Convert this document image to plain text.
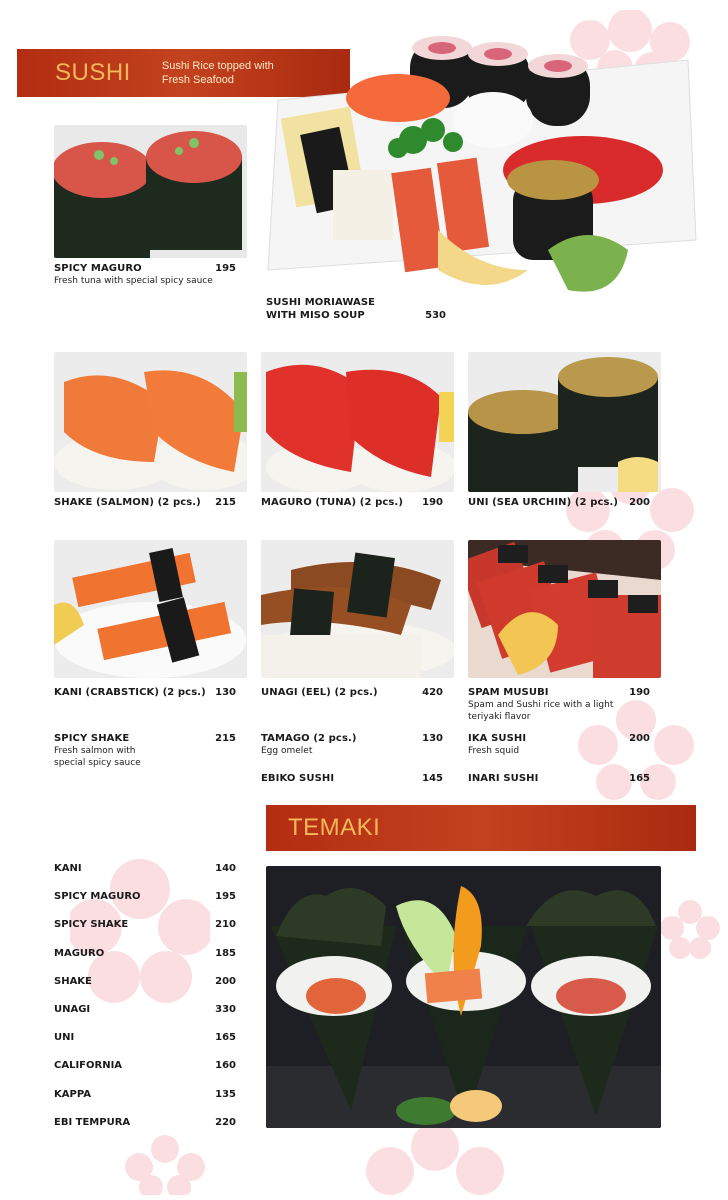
SUSHI	Sushi Rice topped with
Fresh Seafood
SPICY MAGURO	195
Fresh tuna with special spicy sauce
SUSHI MORIAWASE
WITH MISO SOUP	530
SHAKE (SALMON) (2 pcs.)	215	MAGURO (TUNA) (2 pcs.)	190	UNI (SEA URCHIN) (2 pcs.)	200
KANI (CRABSTICK) (2 pcs.) 130	UNAGI (EEL) (2 pcs.)	420	SPAM MUSUBI	190
Spam and Sushi rice with a light
teriyaki flavor
SPICY SHAKE	215
Fresh salmon with
special spicy sauce
TAMAGO (2 pcs.)	130
Egg omelet
IKA SUSHI	200
Fresh squid
EBIKO SUSHI	145	INARI SUSHI	165
TEMAKI
KANI	140
SPICY MAGURO	195
SPICY SHAKE	210
MAGURO	185
SHAKE	200
UNAGI	330
UNI	165
CALIFORNIA	160
KAPPA	135
EBI TEMPURA	220
